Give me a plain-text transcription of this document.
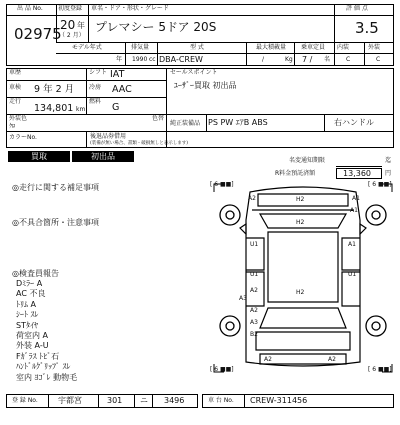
出 品 No.
02975
初度登録
20 年
（ 2 月）
車名・ドア・形状・グレード
プレマシー 5ドア 20S
評 価 点
3.5
内装	外装
C	C
モデル年式
年
排気量
1990 cc
型 式
DBA-CREW
最大積載量
/	Kg
乗車定員
7 / 名
車歴	シフト IAT	セールスポイント
ﾕｰｻﾞｰ買取 初出品
車検 9 年 2 月 冷房 AAC
走行
134,801 km
燃料
G
外装色
ｸﾛ
色替
純正装備品 PS PW ｴｱB ABS	右ハンドル
カラーNo.	後退品券借用
(装備が無い場合、書類・破損無しと表示します)
買取	初出品	名変通知期限	迄
R料金預託済額	13,360 円
◎走行に関する補足事項
◎不具合箇所・注意事項
◎検査員報告
Dﾐﾗｰ A
AC 不良
ﾄﾘﾑ A
ｼｰﾄ ｽﾚ
STﾀｲﾔ
荷室内 A
外装 A-U
Fｶﾞﾗｽ ﾄﾋﾞ石
ﾊﾝﾄﾞﾙｸﾞﾘｯﾌﾟ ｽﾚ
室内 ﾖｺﾞﾚ 動物毛
[ 6 ■■]	[ 6 ■■]
[ 6 ■■]	[ 6 ■■]
A2	H2	A1
A1
H2
U1	A1
U1	U1
A2	H2
A3
A2
A3
B2
A2	A2
登 録 No.	宇都宮	301 ニ 3496	車 台 No. CREW-311456
